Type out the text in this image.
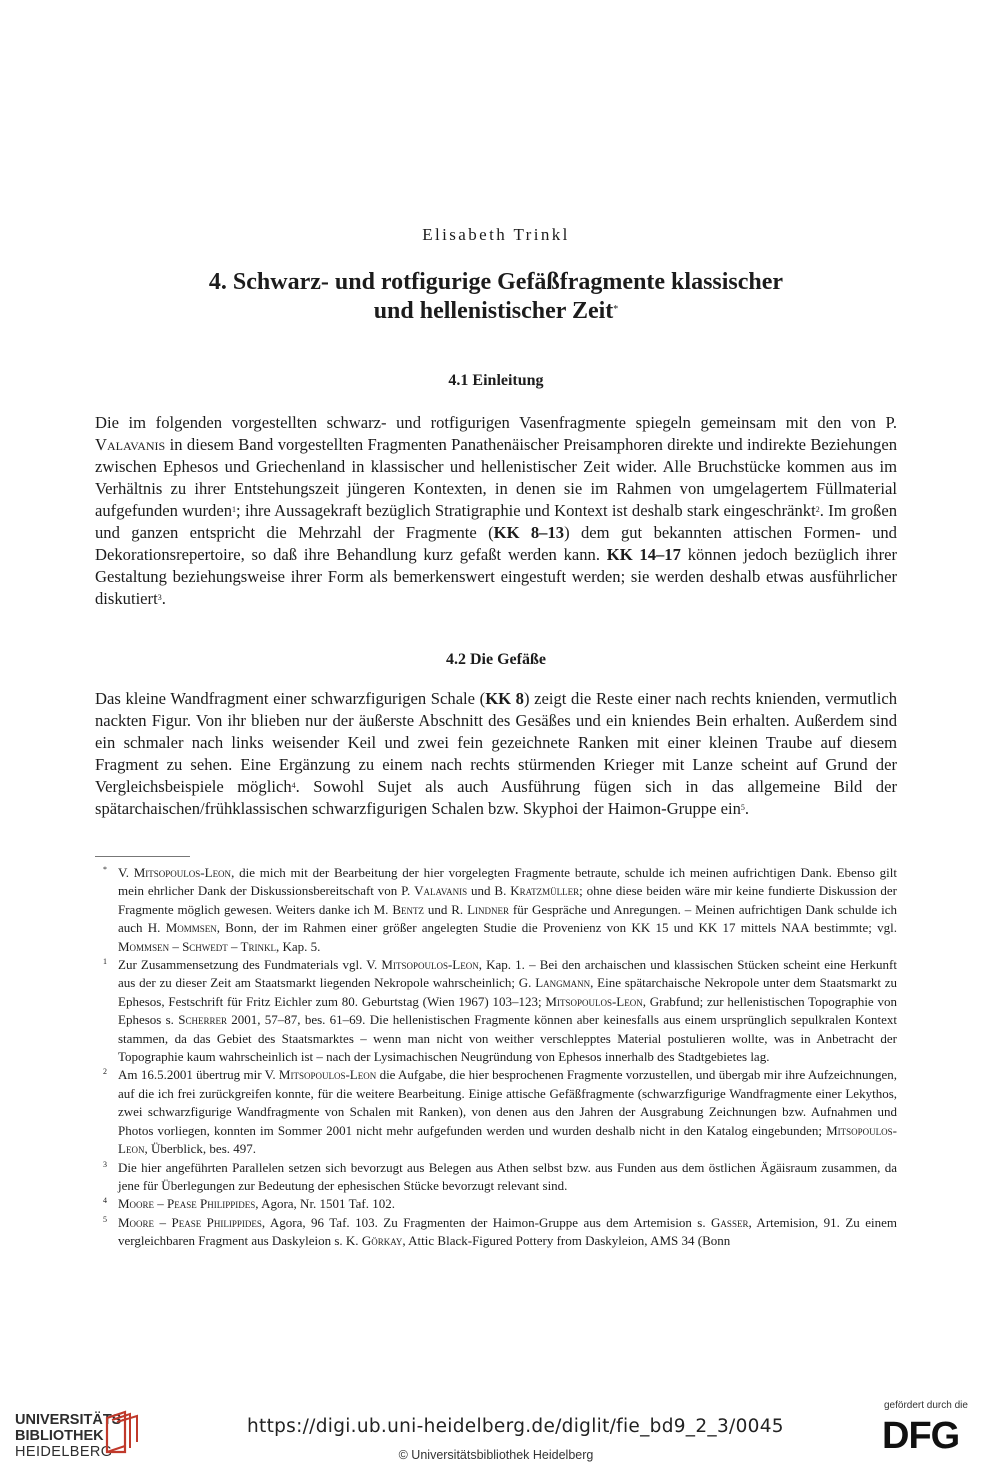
Elisabeth Trinkl
4. Schwarz- und rotfigurige Gefäßfragmente klassischer
und hellenistischer Zeit*
4.1 Einleitung

Die im folgenden vorgestellten schwarz- und rotfigurigen Vasenfragmente spiegeln gemeinsam mit den von P. Valavanis in diesem Band vorgestellten Fragmenten Panathenäischer Preisamphoren direkte und indirekte Beziehungen zwischen Ephesos und Griechenland in klassischer und hellenistischer Zeit wider. Alle Bruchstücke kommen aus im Verhältnis zu ihrer Entstehungszeit jüngeren Kontexten, in denen sie im Rahmen von umgelagertem Füllmaterial aufgefunden wurden$^1$; ihre Aussagekraft bezüglich Stratigraphie und Kontext ist deshalb stark eingeschränkt$^2$. Im großen und ganzen entspricht die Mehrzahl der Fragmente (KK 8–13) dem gut bekannten attischen Formen- und Dekorationsrepertoire, so daß ihre Behandlung kurz gefaßt werden kann. KK 14–17 können jedoch bezüglich ihrer Gestaltung beziehungsweise ihrer Form als bemerkenswert eingestuft werden; sie werden deshalb etwas ausführlicher diskutiert$^3$.

4.2 Die Gefäße

Das kleine Wandfragment einer schwarzfigurigen Schale (KK 8) zeigt die Reste einer nach rechts knienden, vermutlich nackten Figur. Von ihr blieben nur der äußerste Abschnitt des Gesäßes und ein kniendes Bein erhalten. Außerdem sind ein schmaler nach links weisender Keil und zwei fein gezeichnete Ranken mit einer kleinen Traube auf diesem Fragment zu sehen. Eine Ergänzung zu einem nach rechts stürmenden Krieger mit Lanze scheint auf Grund der Vergleichsbeispiele möglich$^4$. Sowohl Sujet als auch Ausführung fügen sich in das allgemeine Bild der spätarchaischen/frühklassischen schwarzfigurigen Schalen bzw. Skyphoi der Haimon-Gruppe ein$^5$.

* V. Mitsopoulos-Leon, die mich mit der Bearbeitung der hier vorgelegten Fragmente betraute, schulde ich meinen aufrichtigen Dank. Ebenso gilt mein ehrlicher Dank der Diskussionsbereitschaft von P. Valavanis und B. Kratzmüller; ohne diese beiden wäre mir keine fundierte Diskussion der Fragmente möglich gewesen. Weiters danke ich M. Bentz und R. Lindner für Gespräche und Anregungen. – Meinen aufrichtigen Dank schulde ich auch H. Mommsen, Bonn, der im Rahmen einer größer angelegten Studie die Provenienz von KK 15 und KK 17 mittels NAA bestimmte; vgl. Mommsen – Schwedt – Trinkl, Kap. 5.

1 Zur Zusammensetzung des Fundmaterials vgl. V. Mitsopoulos-Leon, Kap. 1. – Bei den archaischen und klassischen Stücken scheint eine Herkunft aus der zu dieser Zeit am Staatsmarkt liegenden Nekropole wahrscheinlich; G. Langmann, Eine spätarchaische Nekropole unter dem Staatsmarkt zu Ephesos, Festschrift für Fritz Eichler zum 80. Geburtstag (Wien 1967) 103–123; Mitsopoulos-Leon, Grabfund; zur hellenistischen Topographie von Ephesos s. Scherrer 2001, 57–87, bes. 61–69. Die hellenistischen Fragmente können aber keinesfalls aus einem ursprünglich sepulkralen Kontext stammen, da das Gebiet des Staatsmarktes – wenn man nicht von weither verschlepptes Material postulieren wollte, was in Anbetracht der Topographie kaum wahrscheinlich ist – nach der Lysimachischen Neugründung von Ephesos innerhalb des Stadtgebietes lag.

2 Am 16.5.2001 übertrug mir V. Mitsopoulos-Leon die Aufgabe, die hier besprochenen Fragmente vorzustellen, und übergab mir ihre Aufzeichnungen, auf die ich frei zurückgreifen konnte, für die weitere Bearbeitung. Einige attische Gefäßfragmente (schwarzfigurige Wandfragmente einer Lekythos, zwei schwarzfigurige Wandfragmente von Schalen mit Ranken), von denen aus den Jahren der Ausgrabung Zeichnungen bzw. Aufnahmen und Photos vorliegen, konnten im Sommer 2001 nicht mehr aufgefunden werden und wurden deshalb nicht in den Katalog eingebunden; Mitsopoulos-Leon, Überblick, bes. 497.

3 Die hier angeführten Parallelen setzen sich bevorzugt aus Belegen aus Athen selbst bzw. aus Funden aus dem östlichen Ägäisraum zusammen, da jene für Überlegungen zur Bedeutung der ephesischen Stücke bevorzugt relevant sind.

4 Moore – Pease Philippides, Agora, Nr. 1501 Taf. 102.

5 Moore – Pease Philippides, Agora, 96 Taf. 103. Zu Fragmenten der Haimon-Gruppe aus dem Artemision s. Gasser, Artemision, 91. Zu einem vergleichbaren Fragment aus Daskyleion s. K. Görkay, Attic Black-Figured Pottery from Daskyleion, AMS 34 (Bonn

UNIVERSITÄTS-
BIBLIOTHEK
HEIDELBERG
https://digi.ub.uni-heidelberg.de/diglit/fie_bd9_2_3/0045
© Universitätsbibliothek Heidelberg
gefördert durch die
DFG
